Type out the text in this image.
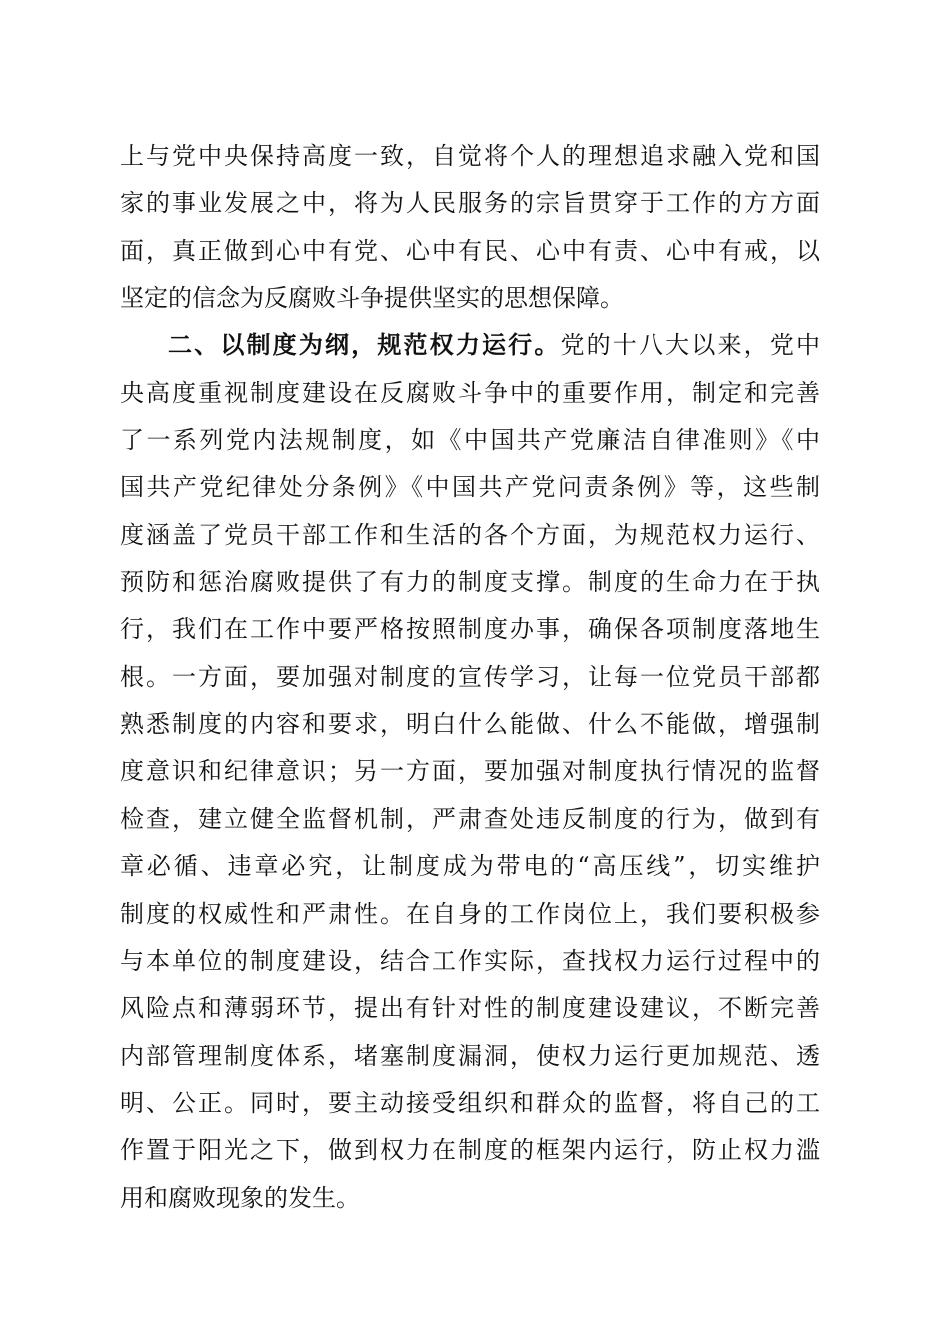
上与党中央保持高度一致，自觉将个人的理想追求融入党和国
家的事业发展之中，将为人民服务的宗旨贯穿于工作的方方面
面，真正做到心中有党、心中有民、心中有责、心中有戒，以
坚定的信念为反腐败斗争提供坚实的思想保障。
二、以制度为纲，规范权力运行。党的十八大以来，党中
央高度重视制度建设在反腐败斗争中的重要作用，制定和完善
了一系列党内法规制度，如《中国共产党廉洁自律准则》《中
国共产党纪律处分条例》《中国共产党问责条例》等，这些制
度涵盖了党员干部工作和生活的各个方面，为规范权力运行、
预防和惩治腐败提供了有力的制度支撑。制度的生命力在于执
行，我们在工作中要严格按照制度办事，确保各项制度落地生
根。一方面，要加强对制度的宣传学习，让每一位党员干部都
熟悉制度的内容和要求，明白什么能做、什么不能做，增强制
度意识和纪律意识；另一方面，要加强对制度执行情况的监督
检查，建立健全监督机制，严肃查处违反制度的行为，做到有
章必循、违章必究，让制度成为带电的“高压线”，切实维护
制度的权威性和严肃性。在自身的工作岗位上，我们要积极参
与本单位的制度建设，结合工作实际，查找权力运行过程中的
风险点和薄弱环节，提出有针对性的制度建设建议，不断完善
内部管理制度体系，堵塞制度漏洞，使权力运行更加规范、透
明、公正。同时，要主动接受组织和群众的监督，将自己的工
作置于阳光之下，做到权力在制度的框架内运行，防止权力滥
用和腐败现象的发生。
